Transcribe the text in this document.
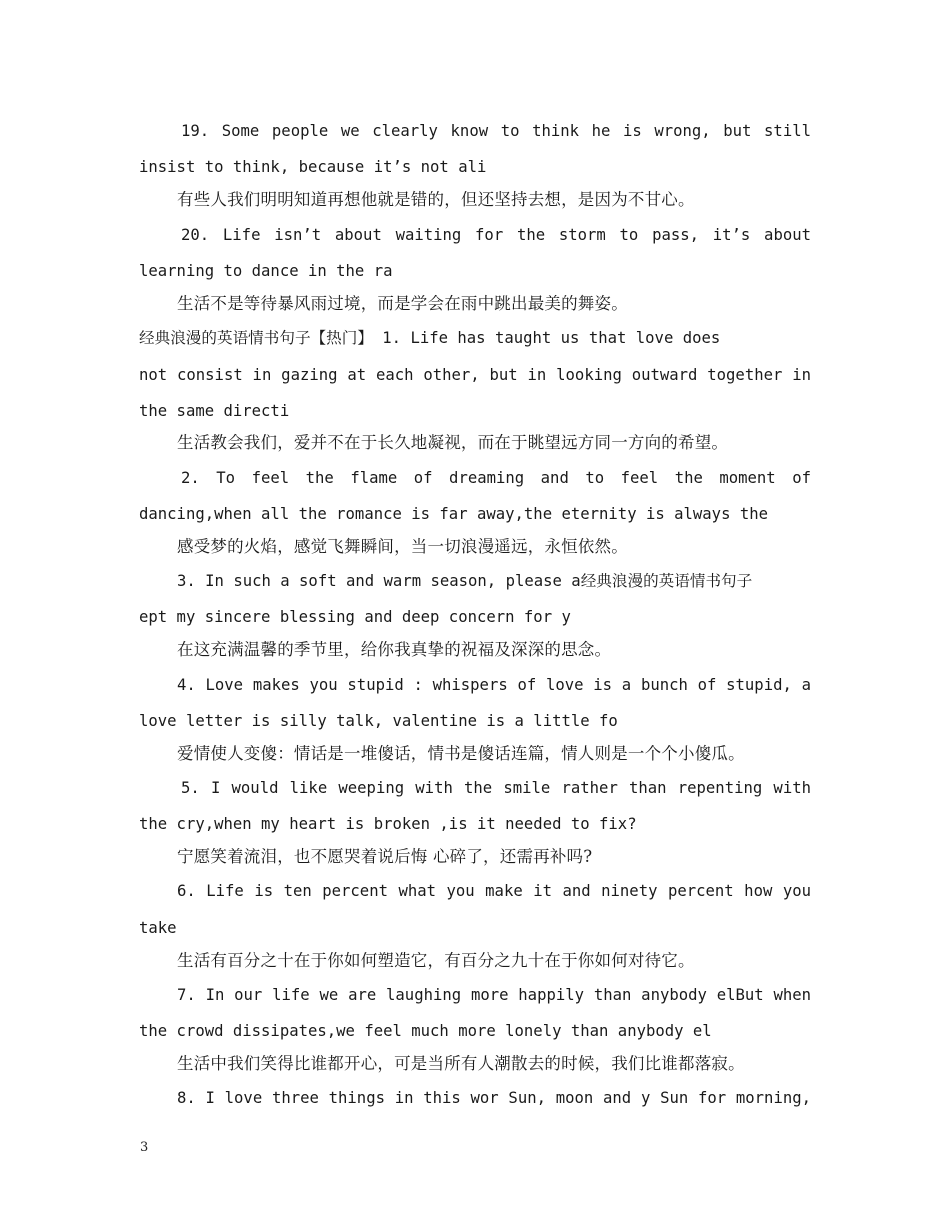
19. Some people we clearly know to think he is wrong, but still
insist to think, because it’s not ali
有些人我们明明知道再想他就是错的，但还坚持去想，是因为不甘心。
20. Life isn’t about waiting for the storm to pass, it’s about
learning to dance in the ra
生活不是等待暴风雨过境，而是学会在雨中跳出最美的舞姿。
经典浪漫的英语情书句子【热门】 1. Life has taught us that love does
not consist in gazing at each other, but in looking outward together in
the same directi
生活教会我们，爱并不在于长久地凝视，而在于眺望远方同一方向的希望。
2. To feel the flame of dreaming and to feel the moment of
dancing,when all the romance is far away,the eternity is always the
感受梦的火焰，感觉飞舞瞬间，当一切浪漫遥远，永恒依然。
3. In such a soft and warm season, please a经典浪漫的英语情书句子
ept my sincere blessing and deep concern for y
在这充满温馨的季节里，给你我真挚的祝福及深深的思念。
4. Love makes you stupid : whispers of love is a bunch of stupid, a
love letter is silly talk, valentine is a little fo
爱情使人变傻：情话是一堆傻话，情书是傻话连篇，情人则是一个个小傻瓜。
5. I would like weeping with the smile rather than repenting with
the cry,when my heart is broken ,is it needed to fix?
宁愿笑着流泪，也不愿哭着说后悔 心碎了，还需再补吗?
6. Life is ten percent what you make it and ninety percent how you
take
生活有百分之十在于你如何塑造它，有百分之九十在于你如何对待它。
7. In our life we are laughing more happily than anybody elBut when
the crowd dissipates,we feel much more lonely than anybody el
生活中我们笑得比谁都开心，可是当所有人潮散去的时候，我们比谁都落寂。
8. I love three things in this wor Sun, moon and y Sun for morning,
3
